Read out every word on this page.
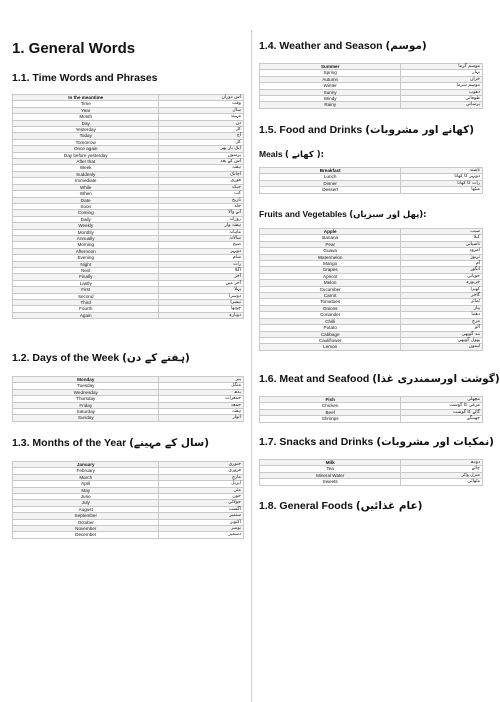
1. General Words
1.1. Time Words and Phrases
In the meantime	اس دوران
Time	وقت
Year	سال
Month	مہینہ
Day	دن
Yesterday	کل
Today	آج
Tomorrow	کل
Once again	ایک بار پھر
Day before yesterday	پرسوں
After that	اس کے بعد
Week	ہفتہ
Suddenly	اچانک
Immediate	فوری
While	جبکہ
When	کب
Date	تاریخ
Soon	جلد
Coming	آنے والا
Daily	روزانہ
Weekly	ہفتہ وار
Monthly	ماہانہ
Annually	سالانہ
Morning	صبح
Afternoon	دوپہر
Evening	شام
Night	رات
Next	اگلا
Finally	آخر
Lastly	آخر میں
First	پہلا
Second	دوسرا
Third	تیسرا
Fourth	چوتھا
Again	دوبارہ
1.2. Days of the Week (ہفتے کے دن)
Monday	پیر
Tuesday	منگل
Wednesday	بدھ
Thursday	جمعرات
Friday	جمعہ
Saturday	ہفتہ
Sunday	اتوار
1.3. Months of the Year (سال کے مہینے)
January	جنوری
February	فروری
March	مارچ
April	اپریل
May	مئی
June	جون
July	جولائی
August	اگست
September	ستمبر
October	اکتوبر
November	نومبر
December	دسمبر
1.4. Weather and Season (موسم)
Summer	موسم گرما
Spring	بہار
Autumn	خزاں
Winter	موسم سرما
Sunny	دھوپ
Windy	طوفانی
Rainy	برساتی
1.5. Food and Drinks (کھانے اور مشروبات)
Meals ( کھانے ):
Breakfast	ناشتہ
Lunch	دوپہر کا کھانا
Dinner	رات کا کھانا
Dessert	میٹھا
Fruits and Vegetables (پھل اور سبزیاں):
Apple	سیب
Banana	کیلا
Pear	ناشپاتی
Guava	امرود
Watermelon	تربوز
Mango	آم
Grapes	انگور
Apricot	خوبانی
Melon	خربوزہ
Cucumber	کھیرا
Carrot	گاجر
Tomatoes	ٹماٹر
Onions	پیاز
Coriander	دھنیا
Chilli	مرچ
Potato	آلو
Cabbage	بند گوبھی
Cauliflower	پھول گوبھی
Lemon	لیموں
1.6. Meat and Seafood (گوشت اورسمندری غذا)
Fish	مچھلی
Chicken	مرغی کا گوشت
Beef	گائے کا گوشت
Shrimps	جھینگے
1.7. Snacks and Drinks (نمکیات اور مشروبات)
Milk	دودھ
Tea	چائے
Mineral Water	منرل واٹر
Sweets	مٹھائی
1.8. General Foods (عام غذائیں)
